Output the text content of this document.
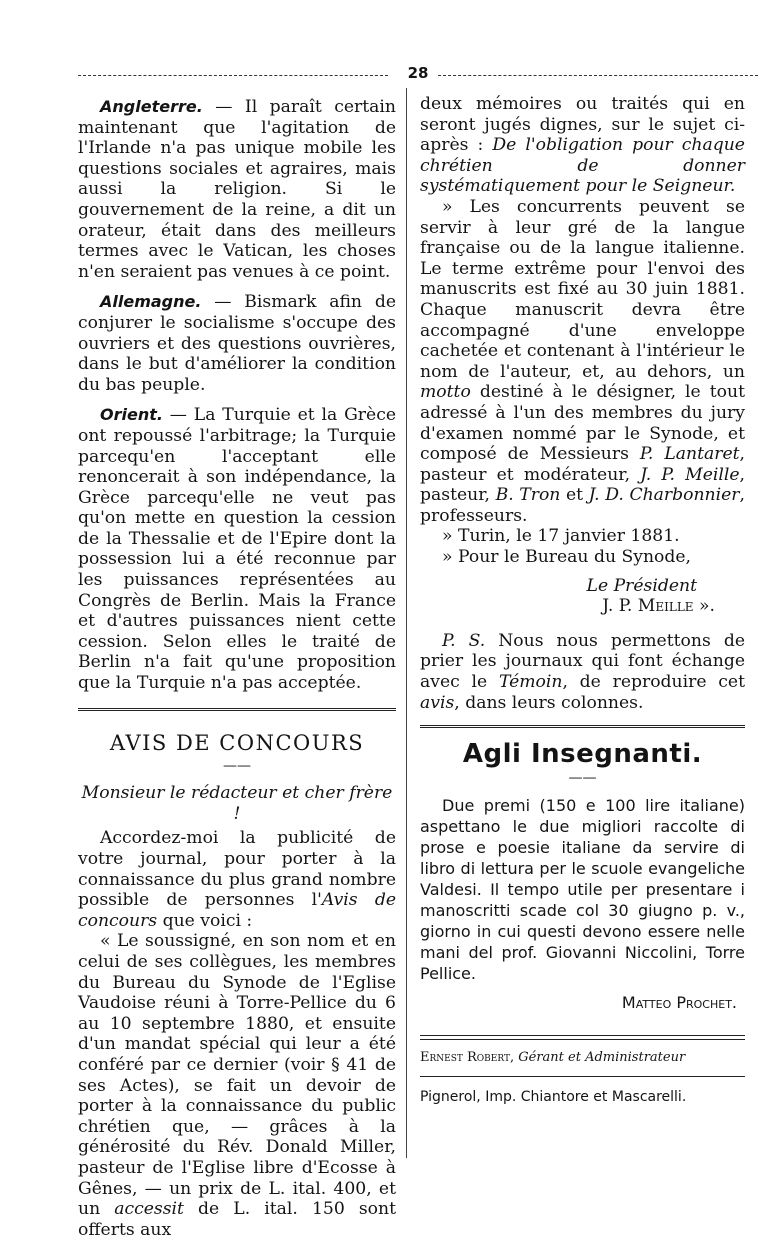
28

Angleterre. — Il paraît certain maintenant que l'agitation de l'Irlande n'a pas unique mobile les questions sociales et agraires, mais aussi la religion. Si le gouvernement de la reine, a dit un orateur, était dans des meilleurs termes avec le Vatican, les choses n'en seraient pas venues à ce point.

Allemagne. — Bismark afin de conjurer le socialisme s'occupe des ouvriers et des questions ouvrières, dans le but d'améliorer la condition du bas peuple.

Orient. — La Turquie et la Grèce ont repoussé l'arbitrage; la Turquie parcequ'en l'acceptant elle renoncerait à son indépendance, la Grèce parcequ'elle ne veut pas qu'on mette en question la cession de la Thessalie et de l'Epire dont la possession lui a été reconnue par les puissances représentées au Congrès de Berlin. Mais la France et d'autres puissances nient cette cession. Selon elles le traité de Berlin n'a fait qu'une proposition que la Turquie n'a pas acceptée.

AVIS DE CONCOURS

——

Monsieur le rédacteur et cher frère !

Accordez-moi la publicité de votre journal, pour porter à la connaissance du plus grand nombre possible de personnes l'Avis de concours que voici :

« Le soussigné, en son nom et en celui de ses collègues, les membres du Bureau du Synode de l'Eglise Vaudoise réuni à Torre-Pellice du 6 au 10 septembre 1880, et ensuite d'un mandat spécial qui leur a été conféré par ce dernier (voir § 41 de ses Actes), se fait un devoir de porter à la connaissance du public chrétien que, — grâces à la générosité du Rév. Donald Miller, pasteur de l'Eglise libre d'Ecosse à Gênes, — un prix de L. ital. 400, et un accessit de L. ital. 150 sont offerts aux

deux mémoires ou traités qui en seront jugés dignes, sur le sujet ci-après : De l'obligation pour chaque chrétien de donner systématiquement pour le Seigneur.

» Les concurrents peuvent se servir à leur gré de la langue française ou de la langue italienne. Le terme extrême pour l'envoi des manuscrits est fixé au 30 juin 1881. Chaque manuscrit devra être accompagné d'une enveloppe cachetée et contenant à l'intérieur le nom de l'auteur, et, au dehors, un motto destiné à le désigner, le tout adressé à l'un des membres du jury d'examen nommé par le Synode, et composé de Messieurs P. Lantaret, pasteur et modérateur, J. P. Meille, pasteur, B. Tron et J. D. Charbonnier, professeurs.

» Turin, le 17 janvier 1881.

» Pour le Bureau du Synode,

Le Président

J. P. Meille ».

P. S. Nous nous permettons de prier les journaux qui font échange avec le Témoin, de reproduire cet avis, dans leurs colonnes.

Agli Insegnanti.

——

Due premi (150 e 100 lire italiane) aspettano le due migliori raccolte di prose e poesie italiane da servire di libro di lettura per le scuole evangeliche Valdesi. Il tempo utile per presentare i manoscritti scade col 30 giugno p. v., giorno in cui questi devono essere nelle mani del prof. Giovanni Niccolini, Torre Pellice.

Matteo Prochet.

Ernest Robert, Gérant et Administrateur

Pignerol, Imp. Chiantore et Mascarelli.
